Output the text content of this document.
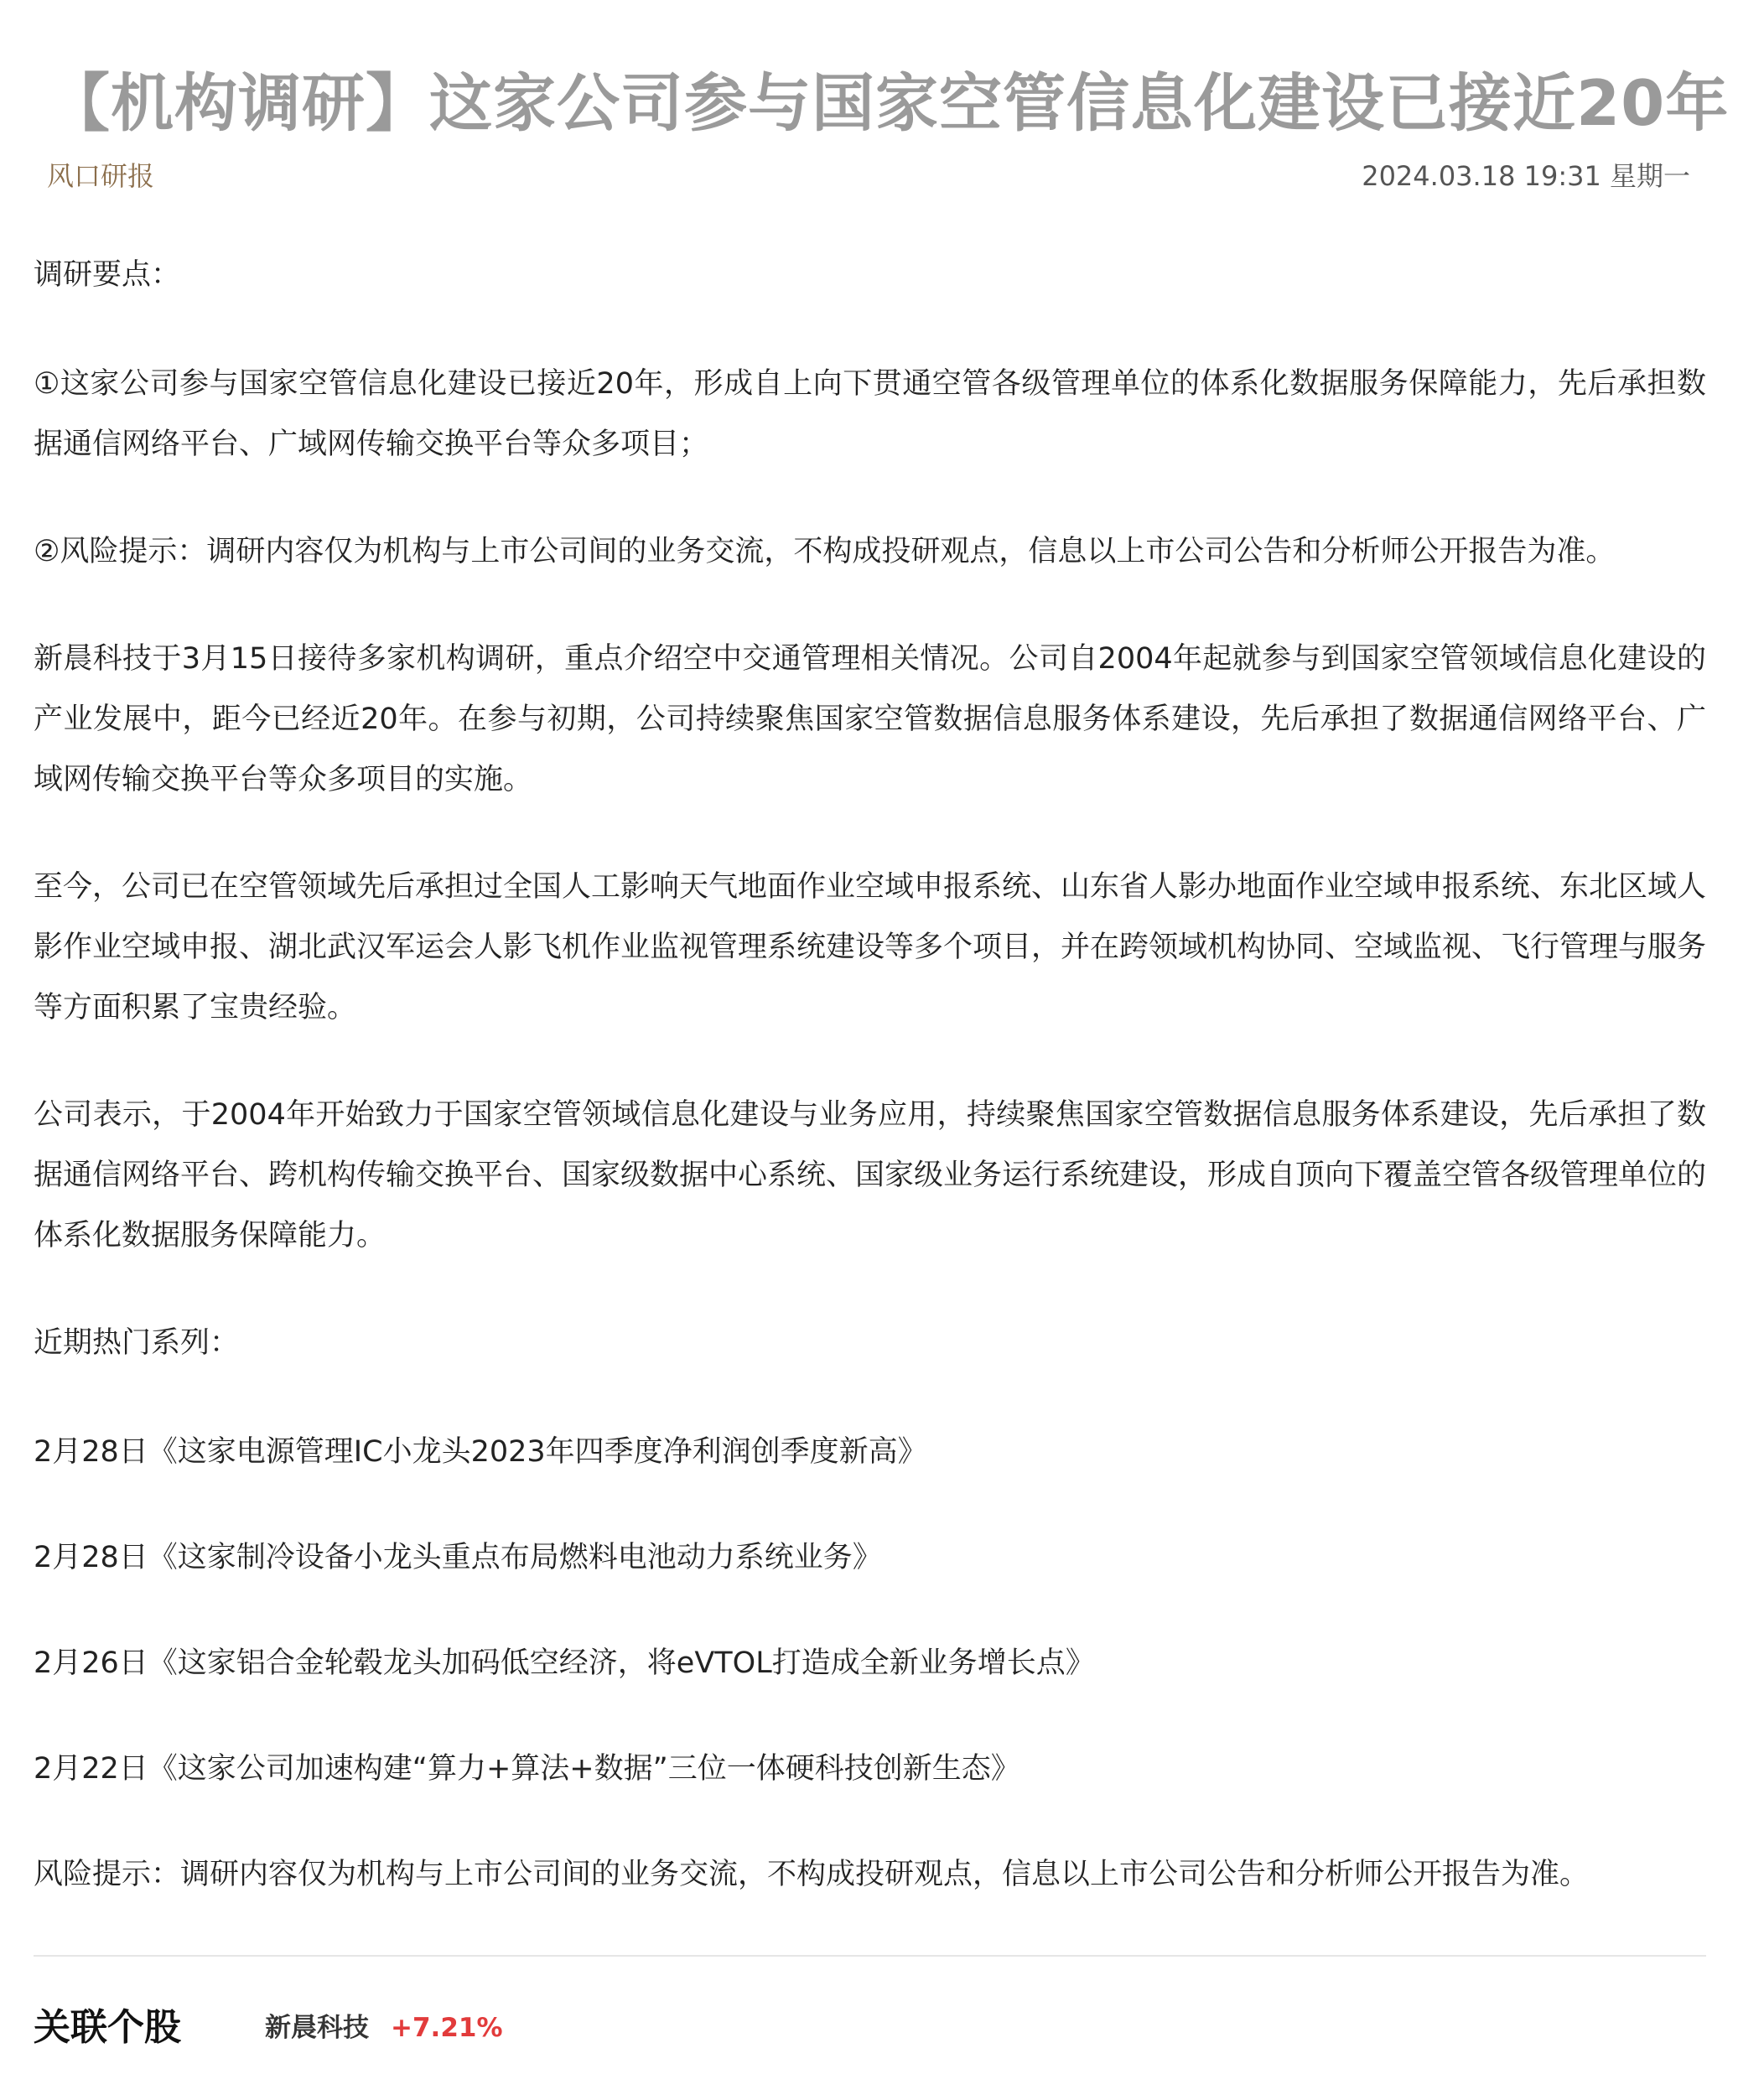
【机构调研】这家公司参与国家空管信息化建设已接近20年
风口研报	2024.03.18 19:31 星期一

调研要点：

①这家公司参与国家空管信息化建设已接近20年，形成自上向下贯通空管各级管理单位的体系化数据服务保障能力，先后承担数据通信网络平台、广域网传输交换平台等众多项目；

②风险提示：调研内容仅为机构与上市公司间的业务交流，不构成投研观点，信息以上市公司公告和分析师公开报告为准。

新晨科技于3月15日接待多家机构调研，重点介绍空中交通管理相关情况。公司自2004年起就参与到国家空管领域信息化建设的产业发展中，距今已经近20年。在参与初期，公司持续聚焦国家空管数据信息服务体系建设，先后承担了数据通信网络平台、广域网传输交换平台等众多项目的实施。

至今，公司已在空管领域先后承担过全国人工影响天气地面作业空域申报系统、山东省人影办地面作业空域申报系统、东北区域人影作业空域申报、湖北武汉军运会人影飞机作业监视管理系统建设等多个项目，并在跨领域机构协同、空域监视、飞行管理与服务等方面积累了宝贵经验。

公司表示，于2004年开始致力于国家空管领域信息化建设与业务应用，持续聚焦国家空管数据信息服务体系建设，先后承担了数据通信网络平台、跨机构传输交换平台、国家级数据中心系统、国家级业务运行系统建设，形成自顶向下覆盖空管各级管理单位的体系化数据服务保障能力。

近期热门系列：

2月28日《这家电源管理IC小龙头2023年四季度净利润创季度新高》
2月28日《这家制冷设备小龙头重点布局燃料电池动力系统业务》
2月26日《这家铝合金轮毂龙头加码低空经济，将eVTOL打造成全新业务增长点》
2月22日《这家公司加速构建“算力+算法+数据”三位一体硬科技创新生态》

风险提示：调研内容仅为机构与上市公司间的业务交流，不构成投研观点，信息以上市公司公告和分析师公开报告为准。

关联个股	新晨科技 +7.21%
